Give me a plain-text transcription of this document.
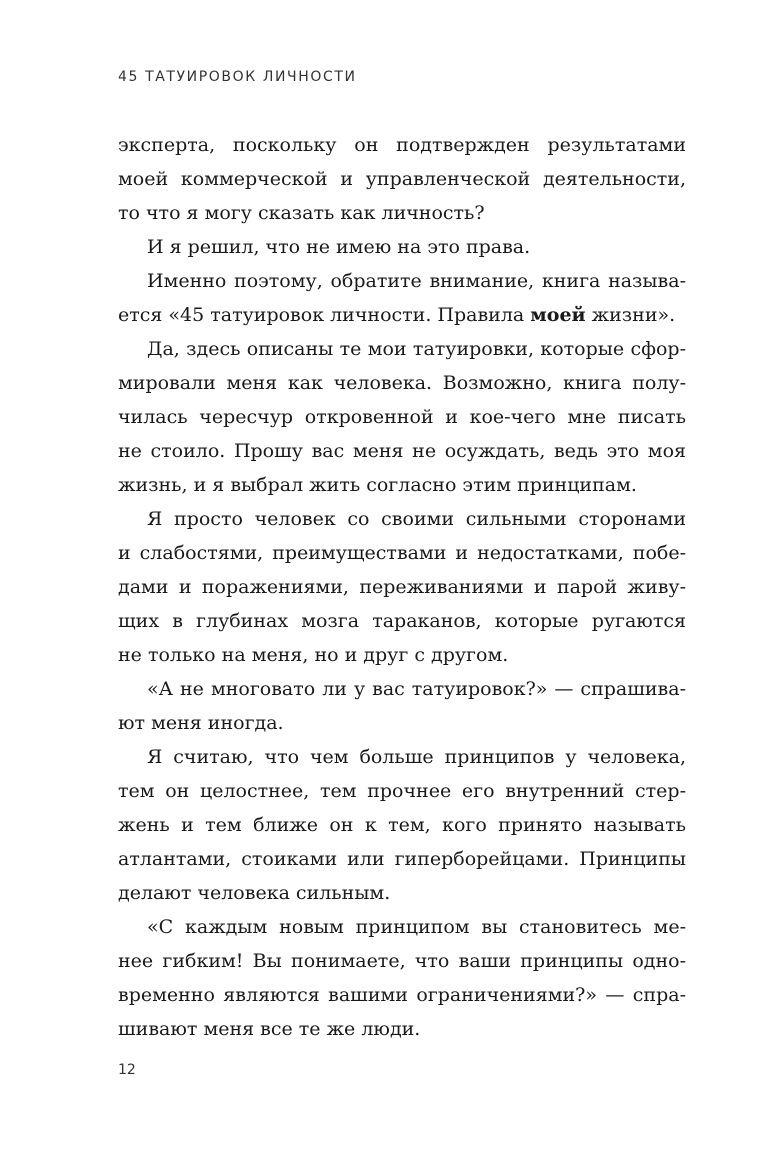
45 ТАТУИРОВОК ЛИЧНОСТИ
эксперта, поскольку он подтвержден результатами
моей коммерческой и управленческой деятельности,
то что я могу сказать как личность?
И я решил, что не имею на это права.
Именно поэтому, обратите внимание, книга называ-
ется «45 татуировок личности. Правила моей жизни».
Да, здесь описаны те мои татуировки, которые сфор-
мировали меня как человека. Возможно, книга полу-
чилась чересчур откровенной и кое-чего мне писать
не стоило. Прошу вас меня не осуждать, ведь это моя
жизнь, и я выбрал жить согласно этим принципам.
Я просто человек со своими сильными сторонами
и слабостями, преимуществами и недостатками, побе-
дами и поражениями, переживаниями и парой живу-
щих в глубинах мозга тараканов, которые ругаются
не только на меня, но и друг с другом.
«А не многовато ли у вас татуировок?» — спрашива-
ют меня иногда.
Я считаю, что чем больше принципов у человека,
тем он целостнее, тем прочнее его внутренний стер-
жень и тем ближе он к тем, кого принято называть
атлантами, стоиками или гиперборейцами. Принципы
делают человека сильным.
«С каждым новым принципом вы становитесь ме-
нее гибким! Вы понимаете, что ваши принципы одно-
временно являются вашими ограничениями?» — спра-
шивают меня все те же люди.
12
